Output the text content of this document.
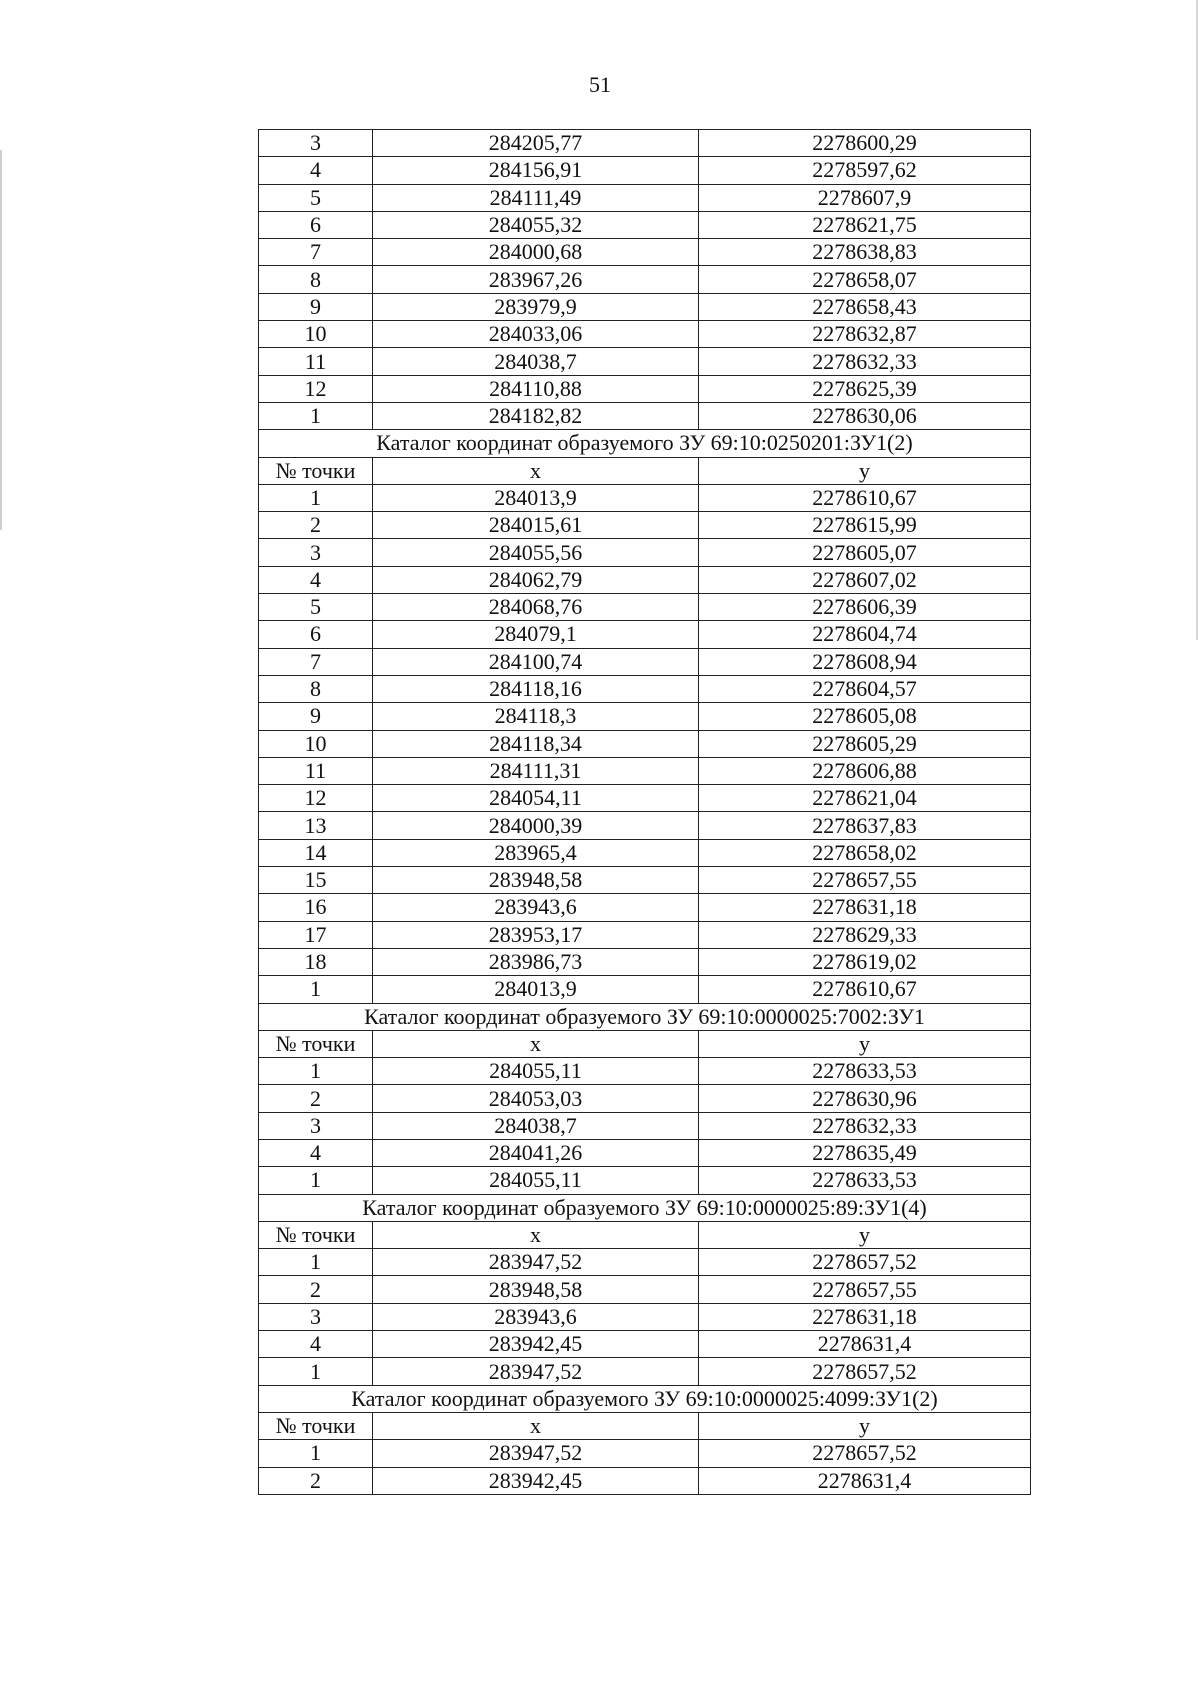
51
3	284205,77	2278600,29
4	284156,91	2278597,62
5	284111,49	2278607,9
6	284055,32	2278621,75
7	284000,68	2278638,83
8	283967,26	2278658,07
9	283979,9	2278658,43
10	284033,06	2278632,87
11	284038,7	2278632,33
12	284110,88	2278625,39
1	284182,82	2278630,06
Каталог координат образуемого ЗУ 69:10:0250201:ЗУ1(2)		
№ точки	x	y
1	284013,9	2278610,67
2	284015,61	2278615,99
3	284055,56	2278605,07
4	284062,79	2278607,02
5	284068,76	2278606,39
6	284079,1	2278604,74
7	284100,74	2278608,94
8	284118,16	2278604,57
9	284118,3	2278605,08
10	284118,34	2278605,29
11	284111,31	2278606,88
12	284054,11	2278621,04
13	284000,39	2278637,83
14	283965,4	2278658,02
15	283948,58	2278657,55
16	283943,6	2278631,18
17	283953,17	2278629,33
18	283986,73	2278619,02
1	284013,9	2278610,67
Каталог координат образуемого ЗУ 69:10:0000025:7002:ЗУ1		
№ точки	x	y
1	284055,11	2278633,53
2	284053,03	2278630,96
3	284038,7	2278632,33
4	284041,26	2278635,49
1	284055,11	2278633,53
Каталог координат образуемого ЗУ 69:10:0000025:89:ЗУ1(4)		
№ точки	x	y
1	283947,52	2278657,52
2	283948,58	2278657,55
3	283943,6	2278631,18
4	283942,45	2278631,4
1	283947,52	2278657,52
Каталог координат образуемого ЗУ 69:10:0000025:4099:ЗУ1(2)		
№ точки	x	y
1	283947,52	2278657,52
2	283942,45	2278631,4
